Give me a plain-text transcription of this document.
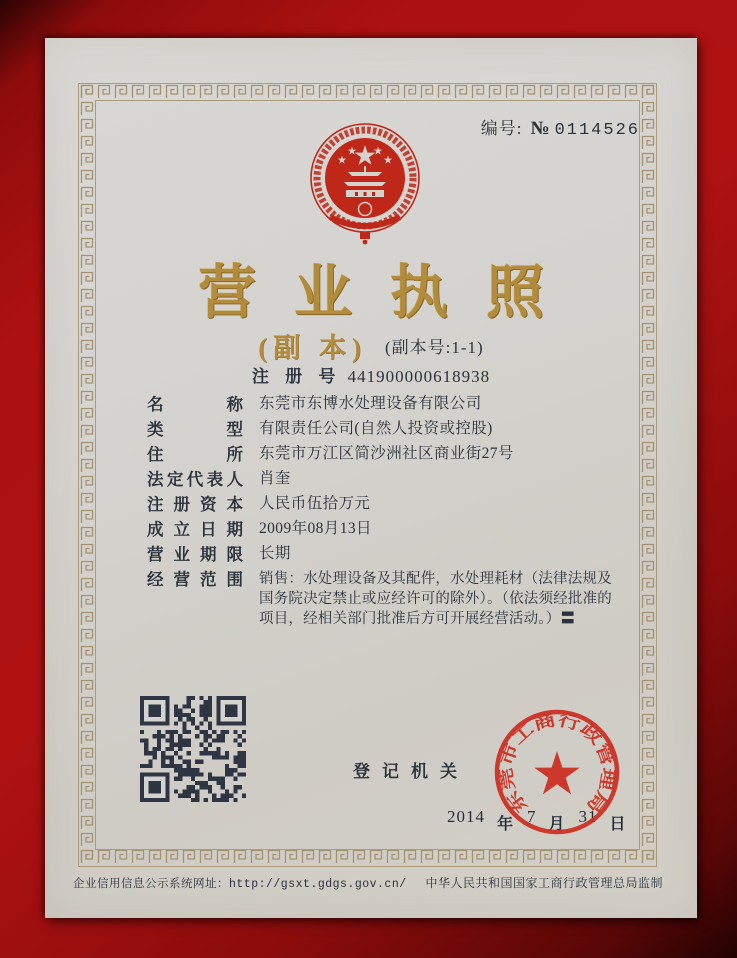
编号: № 0114526
营业执照
(副 本) (副本号:1-1)
注 册 号 441900000618938
名称 东莞市东博水处理设备有限公司
类型 有限责任公司(自然人投资或控股)
住所 东莞市万江区简沙洲社区商业街27号
法定代表人 肖奎
注册资本 人民币伍拾万元
成立日期 2009年08月13日
营业期限 长期
经营范围 销售：水处理设备及其配件，水处理耗材（法律法规及国务院决定禁止或应经许可的除外）。（依法须经批准的项目，经相关部门批准后方可开展经营活动。）〓
登记机关
2014 年 7 月 31 日
东莞市工商行政管理局
企业信用信息公示系统网址：http://gsxt.gdgs.gov.cn/ 中华人民共和国国家工商行政管理总局监制
